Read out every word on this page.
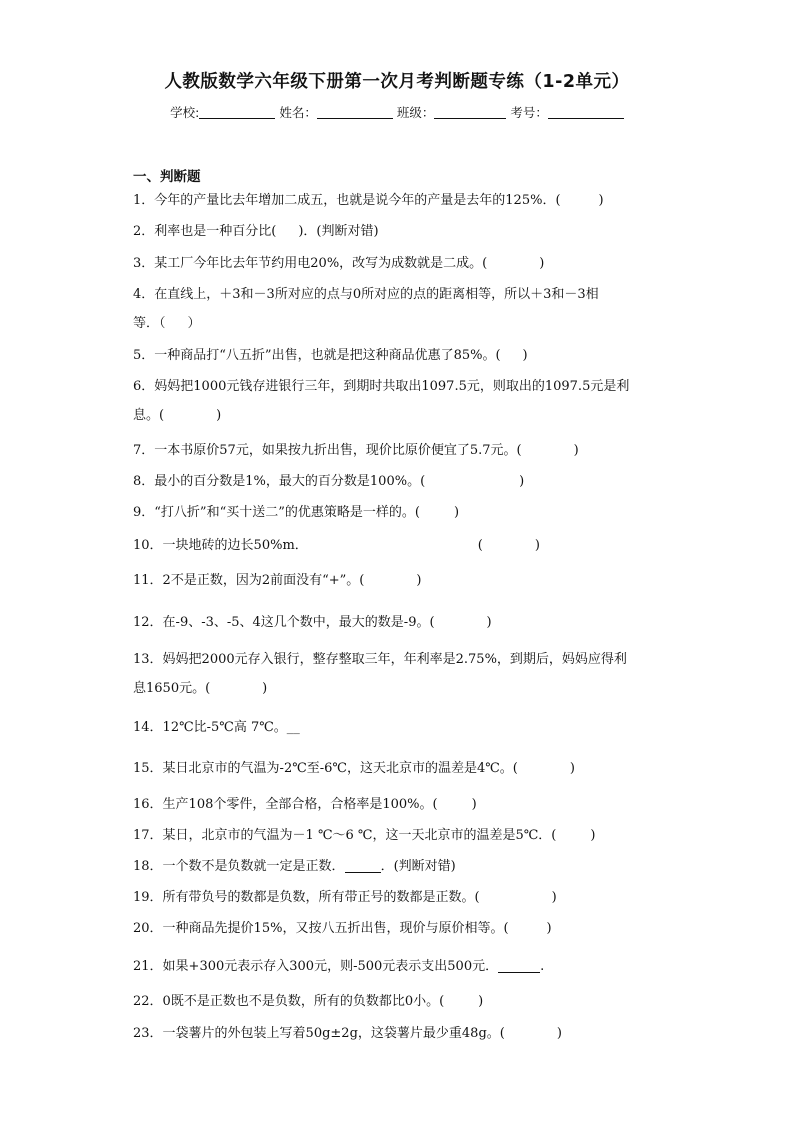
人教版数学六年级下册第一次月考判断题专练（1-2单元）
学校:	姓名：	班级：	考号：
一、判断题
1．今年的产量比去年增加二成五，也就是说今年的产量是去年的125%．(	)
2．利率也是一种百分比( )．(判断对错)
3．某工厂今年比去年节约用电20%，改写为成数就是二成。(	)
4．在直线上，＋3和－3所对应的点与0所对应的点的距离相等，所以＋3和－3相
等．（ ）
5．一种商品打“八五折”出售，也就是把这种商品优惠了85%。( )
6．妈妈把1000元钱存进银行三年，到期时共取出1097.5元，则取出的1097.5元是利
息。(	)
7．一本书原价57元，如果按九折出售，现价比原价便宜了5.7元。(	)
8．最小的百分数是1%，最大的百分数是100%。(	)
9．“打八折”和“买十送二”的优惠策略是一样的。(	)
10．一块地砖的边长50%m．	(　　　　)
11．2不是正数，因为2前面没有“+”。(	)
12．在-9、-3、-5、4这几个数中，最大的数是-9。(	)
13．妈妈把2000元存入银行，整存整取三年，年利率是2.75%，到期后，妈妈应得利
息1650元。(	)
14．12℃比-5℃高 7℃。__
15．某日北京市的气温为-2℃至-6℃，这天北京市的温差是4℃。(	)
16．生产108个零件，全部合格，合格率是100%。(	)
17．某日，北京市的气温为－1 ℃～6 ℃，这一天北京市的温差是5℃．(	)
18．一个数不是负数就一定是正数．	．(判断对错)
19．所有带负号的数都是负数，所有带正号的数都是正数。(	)
20．一种商品先提价15%，又按八五折出售，现价与原价相等。(	)
21．如果+300元表示存入300元，则-500元表示支出500元．	.
22．0既不是正数也不是负数，所有的负数都比0小。(	)
23．一袋薯片的外包装上写着50g±2g，这袋薯片最少重48g。(	)
